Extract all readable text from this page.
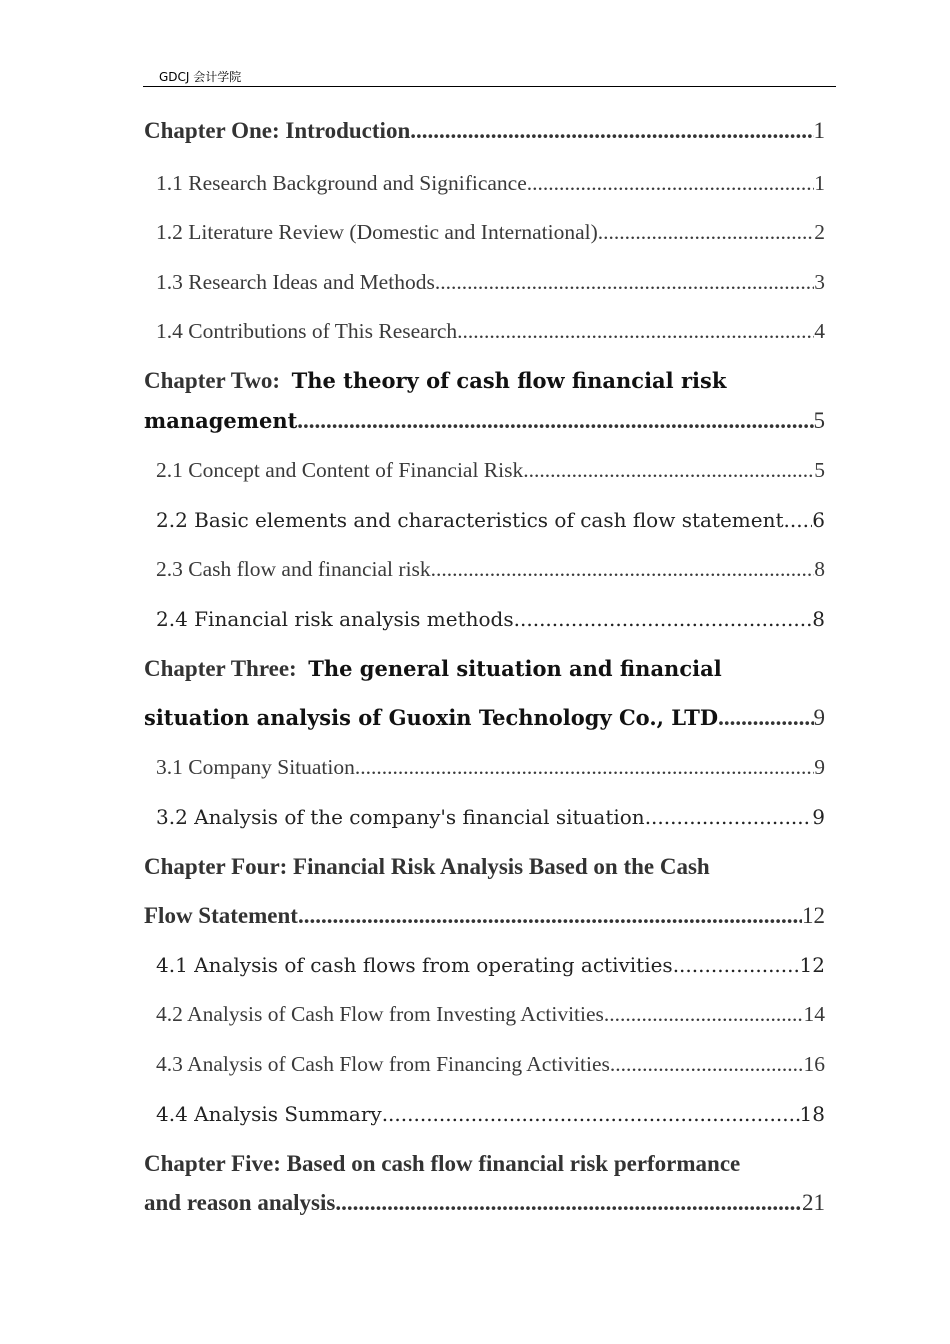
GDCJ 会计学院
Chapter One: Introduction .....	1
1.1 Research Background and Significance .....	1
1.2 Literature Review (Domestic and International) .....	2
1.3 Research Ideas and Methods .....	3
1.4 Contributions of This Research .....	4
Chapter Two: The theory of cash flow financial risk
management .....	5
2.1 Concept and Content of Financial Risk .....	5
2.2 Basic elements and characteristics of cash flow statement ..... 6
2.3 Cash flow and financial risk .....	8
2.4 Financial risk analysis methods .....	8
Chapter Three: The general situation and financial
situation analysis of Guoxin Technology Co., LTD .....	9
3.1 Company Situation .....	9
3.2 Analysis of the company's financial situation .....	9
Chapter Four: Financial Risk Analysis Based on the Cash
Flow Statement .....	12
4.1 Analysis of cash flows from operating activities .....	12
4.2 Analysis of Cash Flow from Investing Activities .....	14
4.3 Analysis of Cash Flow from Financing Activities .....	16
4.4 Analysis Summary .....	18
Chapter Five: Based on cash flow financial risk performance
and reason analysis .....	21
